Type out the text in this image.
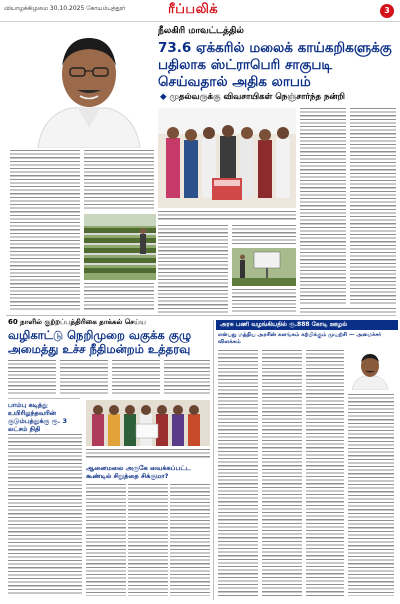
வியாழக்கிழமை 30.10.2025 கோயம்புத்தூர்	ரீப்பலிக்	3
நீலகிரி மாவட்டத்தில்
73.6 ஏக்கரில் மலைக் காய்கறிகளுக்கு பதிலாக ஸ்ட்ராபெரி சாகுபடி செய்வதால் அதிக லாபம்
◆ முதல்வருக்கு விவசாயிகள் நெஞ்சார்ந்த நன்றி
60 நாளில் குற்றப்பத்திரிகை தாக்கல் செய்ய
வழிகாட்டு நெறிமுறை வகுக்க குழு அமைத்து உச்ச நீதிமன்றம் உத்தரவு
பாம்பு கடித்து உயிரிழந்தவரின் குடும்பத்துக்கு ரூ. 3 லட்சம் நிதி
ஆனைமலை அருகே வைக்கப்பட்ட கூண்டில் சிறுத்தை சிக்குமா?
அரசு பணி வழங்கியதில் ரூ.888 கோடி ஊழல்
என்பது மத்திய அரசின் களங்கம் கற்பிக்கும் முயற்சி — அமைச்சர் விளக்கம்
